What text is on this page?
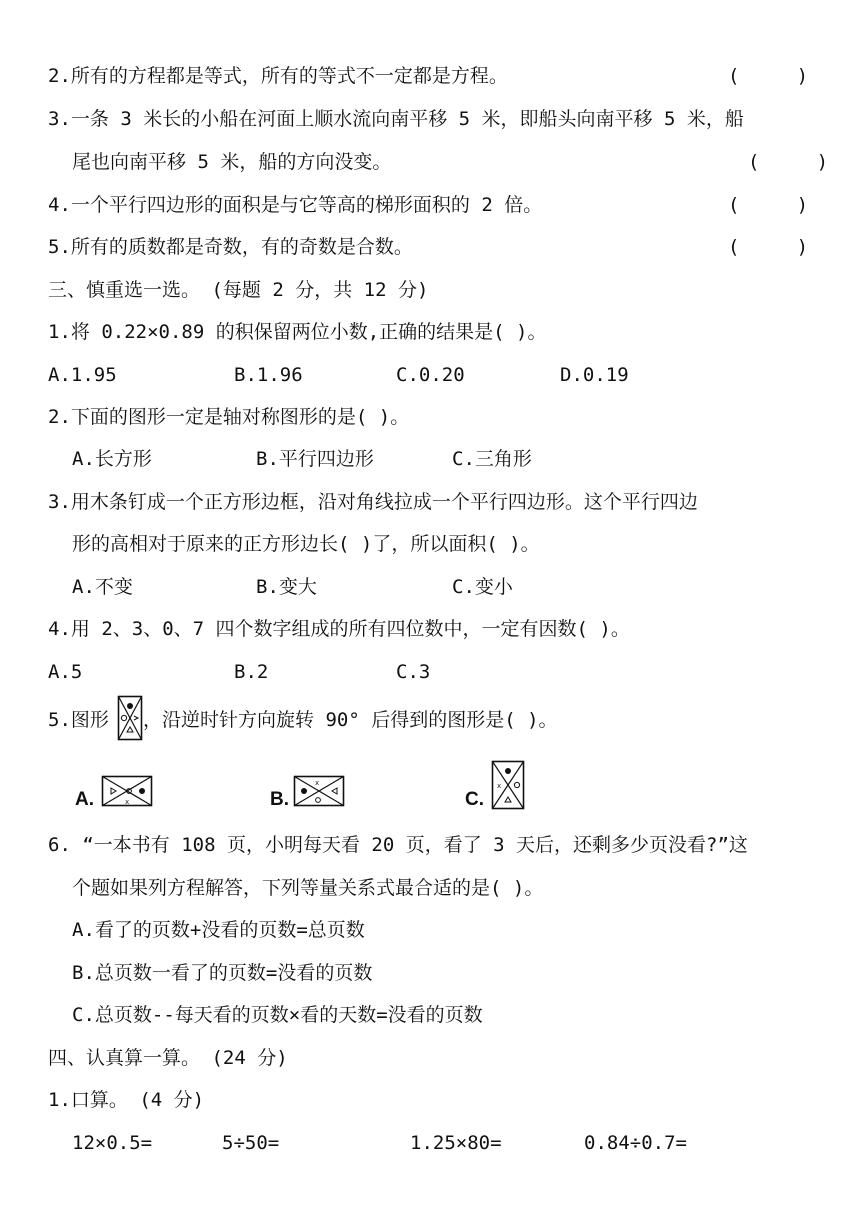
2.所有的方程都是等式，所有的等式不一定都是方程。	(     )
3.一条 3 米长的小船在河面上顺水流向南平移 5 米，即船头向南平移 5 米，船
尾也向南平移 5 米，船的方向没变。	(     )
4.一个平行四边形的面积是与它等高的梯形面积的 2 倍。	(     )
5.所有的质数都是奇数，有的奇数是合数。	(     )
三、慎重选一选。 (每题 2 分，共 12 分)
1.将 0.22×0.89 的积保留两位小数,正确的结果是( )。
A.1.95	B.1.96	C.0.20	D.0.19
2.下面的图形一定是轴对称图形的是( )。
A.长方形	B.平行四边形	C.三角形
3.用木条钉成一个正方形边框，沿对角线拉成一个平行四边形。这个平行四边
形的高相对于原来的正方形边长( )了，所以面积( )。
A.不变	B.变大	C.变小
4.用 2、3、0、7 四个数字组成的所有四位数中，一定有因数( )。
A.5	B.2	C.3
5.图形 ，沿逆时针方向旋转 90° 后得到的图形是( )。
A.	x	B.
x
C.
x
6. “一本书有 108 页，小明每天看 20 页，看了 3 天后，还剩多少页没看?”这
个题如果列方程解答，下列等量关系式最合适的是( )。
A.看了的页数+没看的页数=总页数
B.总页数一看了的页数=没看的页数
C.总页数--每天看的页数×看的天数=没看的页数
四、认真算一算。 (24 分)
1.口算。 (4 分)
12×0.5=	5÷50=	1.25×80=	0.84÷0.7=
